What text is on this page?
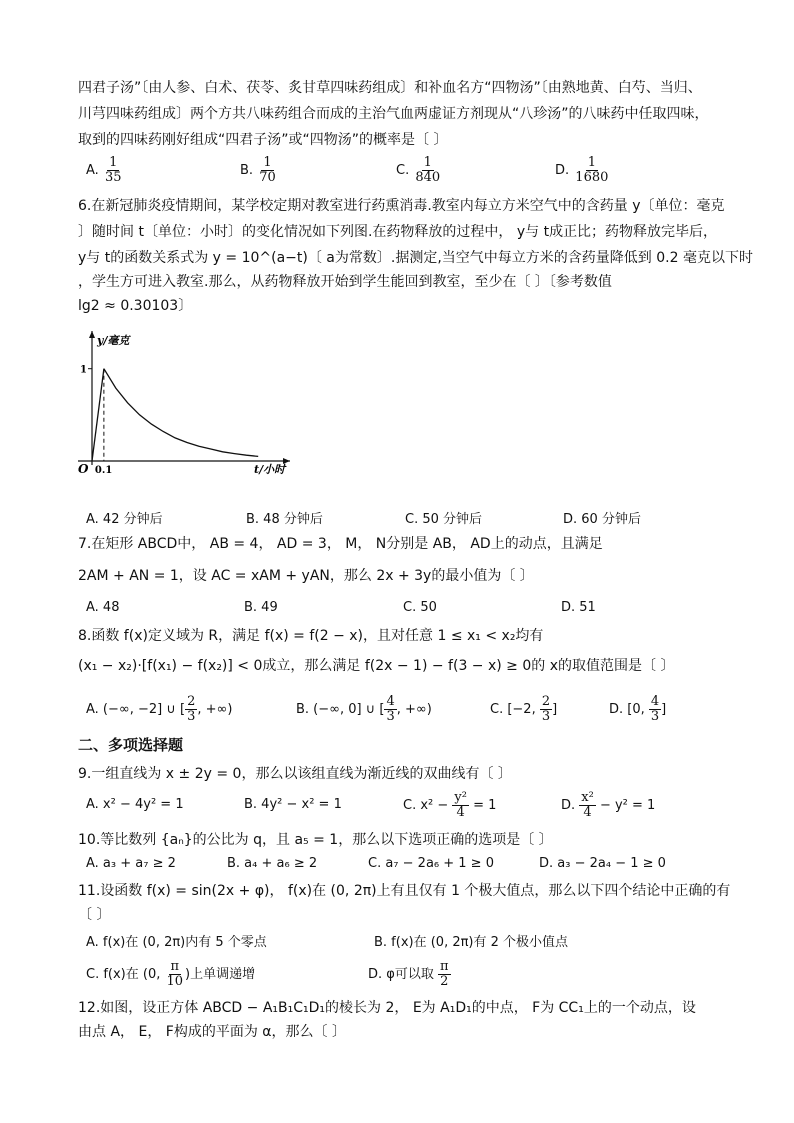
四君子汤”〔由人参、白术、茯苓、炙甘草四味药组成〕和补血名方“四物汤”〔由熟地黄、白芍、当归、
川芎四味药组成〕两个方共八味药组合而成的主治气血两虚证方剂现从“八珍汤”的八味药中任取四味，
取到的四味药刚好组成“四君子汤”或“四物汤”的概率是〔 〕
A. $\frac{1}{35}$	B. $\frac{1}{70}$	C. $\frac{1}{840}$	D. $\frac{1}{1680}$
6.在新冠肺炎疫情期间，某学校定期对教室进行药熏消毒.教室内每立方米空气中的含药量 y〔单位：毫克
〕随时间 t〔单位：小时〕的变化情况如下列图.在药物释放的过程中， y与 t成正比；药物释放完毕后，
y与 t的函数关系式为 y = 10^(a−t)〔 a为常数〕.据测定,当空气中每立方米的含药量降低到 0.2 毫克以下时
，学生方可进入教室.那么，从药物释放开始到学生能回到教室，至少在〔 〕〔参考数值
lg2 ≈ 0.30103〕
y/毫克
t/小时
O 0.1
1
A. 42 分钟后	B. 48 分钟后	C. 50 分钟后	D. 60 分钟后
7.在矩形 ABCD中， AB = 4， AD = 3， M， N分别是 AB， AD上的动点，且满足
2AM + AN = 1，设 AC = xAM + yAN，那么 2x + 3y的最小值为〔 〕
A. 48	B. 49	C. 50	D. 51
8.函数 f(x)定义域为 R，满足 f(x) = f(2 − x)，且对任意 1 ≤ x₁ < x₂均有
(x₁ − x₂)·[f(x₁) − f(x₂)] < 0成立，那么满足 f(2x − 1) − f(3 − x) ≥ 0的 x的取值范围是〔 〕
A. (−∞, −2] ∪ [ $\frac{2}{3}$ , +∞)	B. (−∞, 0] ∪ [ $\frac{4}{3}$ , +∞)	C. [−2, $\frac{2}{3}$ ]	D. [0, $\frac{4}{3}$ ]
二、多项选择题
9.一组直线为 x ± 2y = 0，那么以该组直线为渐近线的双曲线有〔 〕
A. x² − 4y² = 1	B. 4y² − x² = 1	C. $x^2 - \frac{\text{y²}}{4} = 1$	D. $\frac{\text{x²}}{4} - y^2 = 1$
10.等比数列 {aₙ}的公比为 q，且 a₅ = 1，那么以下选项正确的选项是〔 〕
A. a₃ + a₇ ≥ 2	B. a₄ + a₆ ≥ 2	C. a₇ − 2a₆ + 1 ≥ 0	D. a₃ − 2a₄ − 1 ≥ 0
11.设函数 f(x) = sin(2x + φ)， f(x)在 (0, 2π)上有且仅有 1 个极大值点，那么以下四个结论中正确的有
〔 〕
A. f(x)在 (0, 2π)内有 5 个零点	B. f(x)在 (0, 2π)有 2 个极小值点
C. f(x)在 (0, $\frac{\pi}{10}$ )上单调递增	D. φ可以取 $\frac{\pi}{2}$
12.如图，设正方体 ABCD − A₁B₁C₁D₁的棱长为 2， E为 A₁D₁的中点， F为 CC₁上的一个动点，设
由点 A， E， F构成的平面为 α，那么〔 〕
